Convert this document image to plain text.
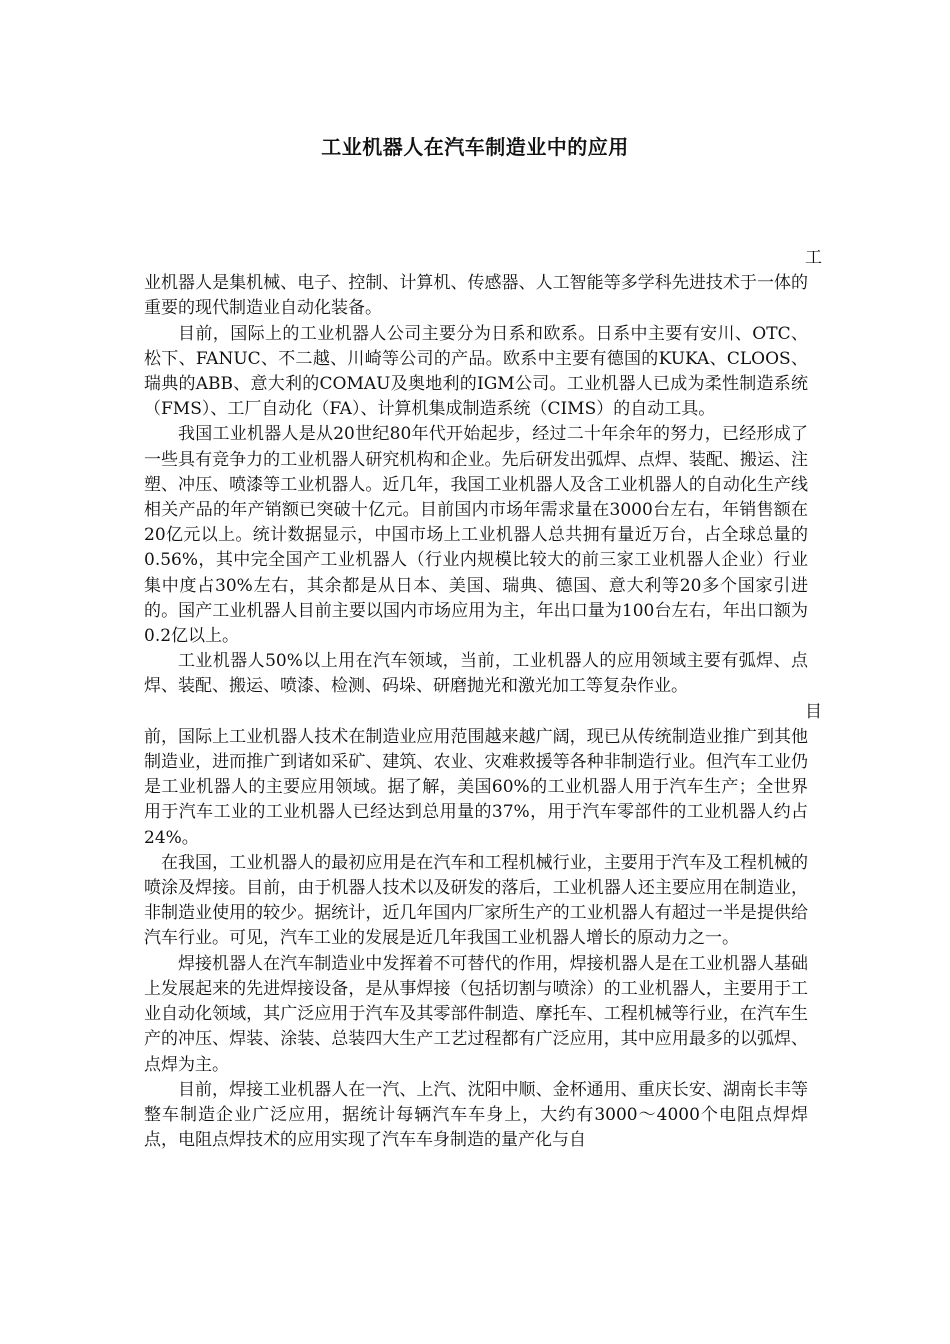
工业机器人在汽车制造业中的应用

工

业机器人是集机械、电子、控制、计算机、传感器、人工智能等多学科先进技术于一体的重要的现代制造业自动化装备。

目前，国际上的工业机器人公司主要分为日系和欧系。日系中主要有安川、OTC、松下、FANUC、不二越、川崎等公司的产品。欧系中主要有德国的KUKA、CLOOS、瑞典的ABB、意大利的COMAU及奥地利的IGM公司。工业机器人已成为柔性制造系统（FMS）、工厂自动化（FA）、计算机集成制造系统（CIMS）的自动工具。

我国工业机器人是从20世纪80年代开始起步，经过二十年余年的努力，已经形成了一些具有竞争力的工业机器人研究机构和企业。先后研发出弧焊、点焊、装配、搬运、注塑、冲压、喷漆等工业机器人。近几年，我国工业机器人及含工业机器人的自动化生产线相关产品的年产销额已突破十亿元。目前国内市场年需求量在3000台左右，年销售额在20亿元以上。统计数据显示，中国市场上工业机器人总共拥有量近万台，占全球总量的0.56%，其中完全国产工业机器人（行业内规模比较大的前三家工业机器人企业）行业集中度占30%左右，其余都是从日本、美国、瑞典、德国、意大利等20多个国家引进的。国产工业机器人目前主要以国内市场应用为主，年出口量为100台左右，年出口额为0.2亿以上。

工业机器人50%以上用在汽车领域，当前，工业机器人的应用领域主要有弧焊、点焊、装配、搬运、喷漆、检测、码垛、研磨抛光和激光加工等复杂作业。

目

前，国际上工业机器人技术在制造业应用范围越来越广阔，现已从传统制造业推广到其他制造业，进而推广到诸如采矿、建筑、农业、灾难救援等各种非制造行业。但汽车工业仍是工业机器人的主要应用领域。据了解，美国60%的工业机器人用于汽车生产；全世界用于汽车工业的工业机器人已经达到总用量的37%，用于汽车零部件的工业机器人约占24%。

在我国，工业机器人的最初应用是在汽车和工程机械行业，主要用于汽车及工程机械的喷涂及焊接。目前，由于机器人技术以及研发的落后，工业机器人还主要应用在制造业，非制造业使用的较少。据统计，近几年国内厂家所生产的工业机器人有超过一半是提供给汽车行业。可见，汽车工业的发展是近几年我国工业机器人增长的原动力之一。

焊接机器人在汽车制造业中发挥着不可替代的作用，焊接机器人是在工业机器人基础上发展起来的先进焊接设备，是从事焊接（包括切割与喷涂）的工业机器人，主要用于工业自动化领域，其广泛应用于汽车及其零部件制造、摩托车、工程机械等行业，在汽车生产的冲压、焊装、涂装、总装四大生产工艺过程都有广泛应用，其中应用最多的以弧焊、点焊为主。

目前，焊接工业机器人在一汽、上汽、沈阳中顺、金杯通用、重庆长安、湖南长丰等整车制造企业广泛应用，据统计每辆汽车车身上，大约有3000～4000个电阻点焊焊点，电阻点焊技术的应用实现了汽车车身制造的量产化与自
